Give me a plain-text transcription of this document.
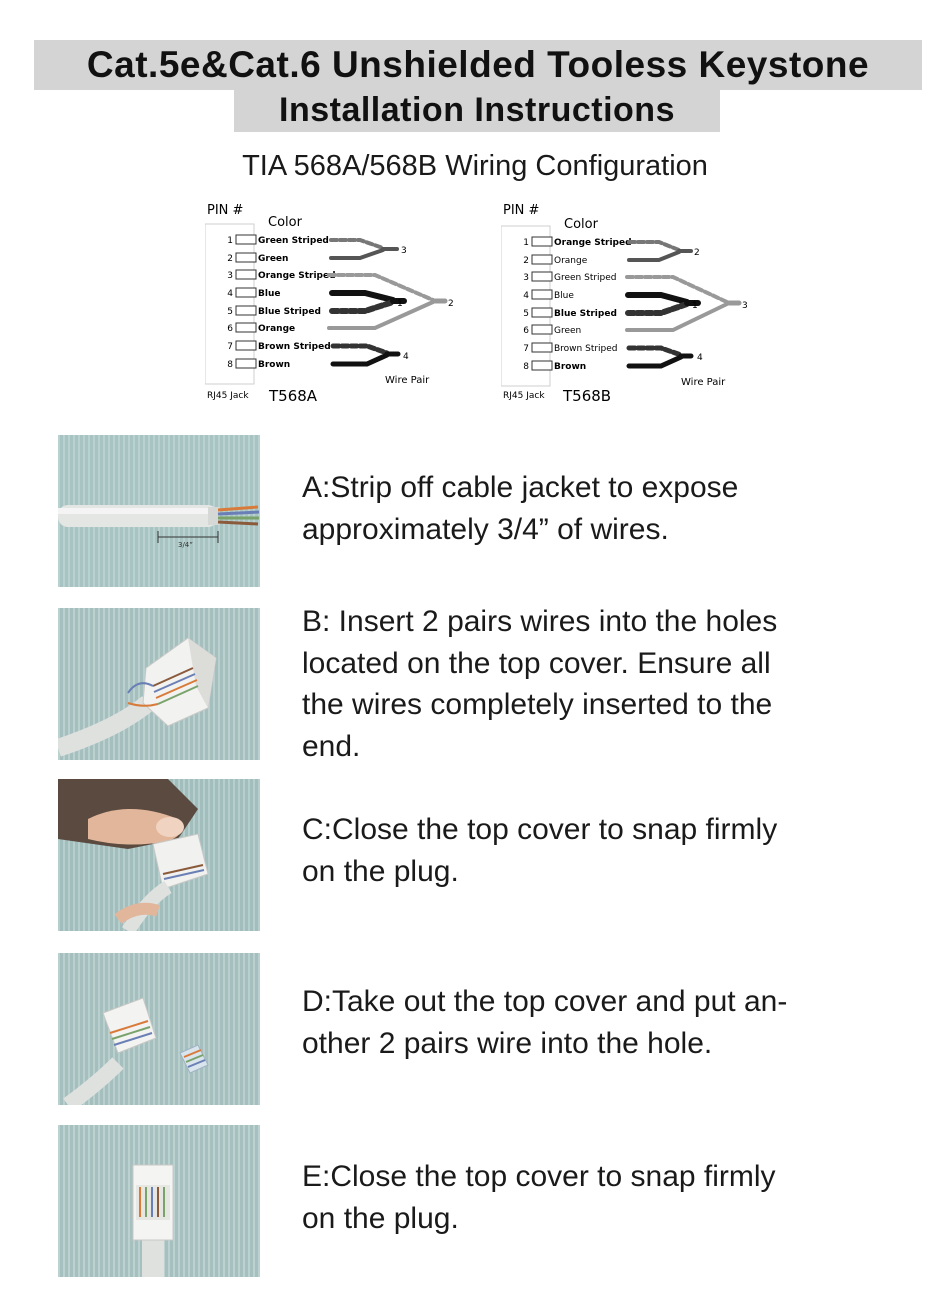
Cat.5e&Cat.6 Unshielded Tooless Keystone
Installation Instructions
TIA 568A/568B Wiring Configuration
PIN #
Color
1	Green Striped
2	Green
3	Orange Striped
4	Blue
5	Blue Striped
6	Orange
7	Brown Striped
8	Brown
3
1	2
4
Wire Pair
RJ45 Jack T568A
PIN #
Color
1	Orange Striped
2	Orange
3	Green Striped
4	Blue
5	Blue Striped
6	Green
7	Brown Striped
8	Brown
2
1	3
4
Wire Pair
RJ45 Jack T568B
3/4”
A:Strip off cable jacket to expose
approximately 3/4” of wires.
B: Insert 2 pairs wires into the holes
located on the top cover. Ensure all
the wires completely inserted to the
end.
C:Close the top cover to snap firmly
on the plug.
D:Take out the top cover and put an-
other 2 pairs wire into the hole.
E:Close the top cover to snap firmly
on the plug.
